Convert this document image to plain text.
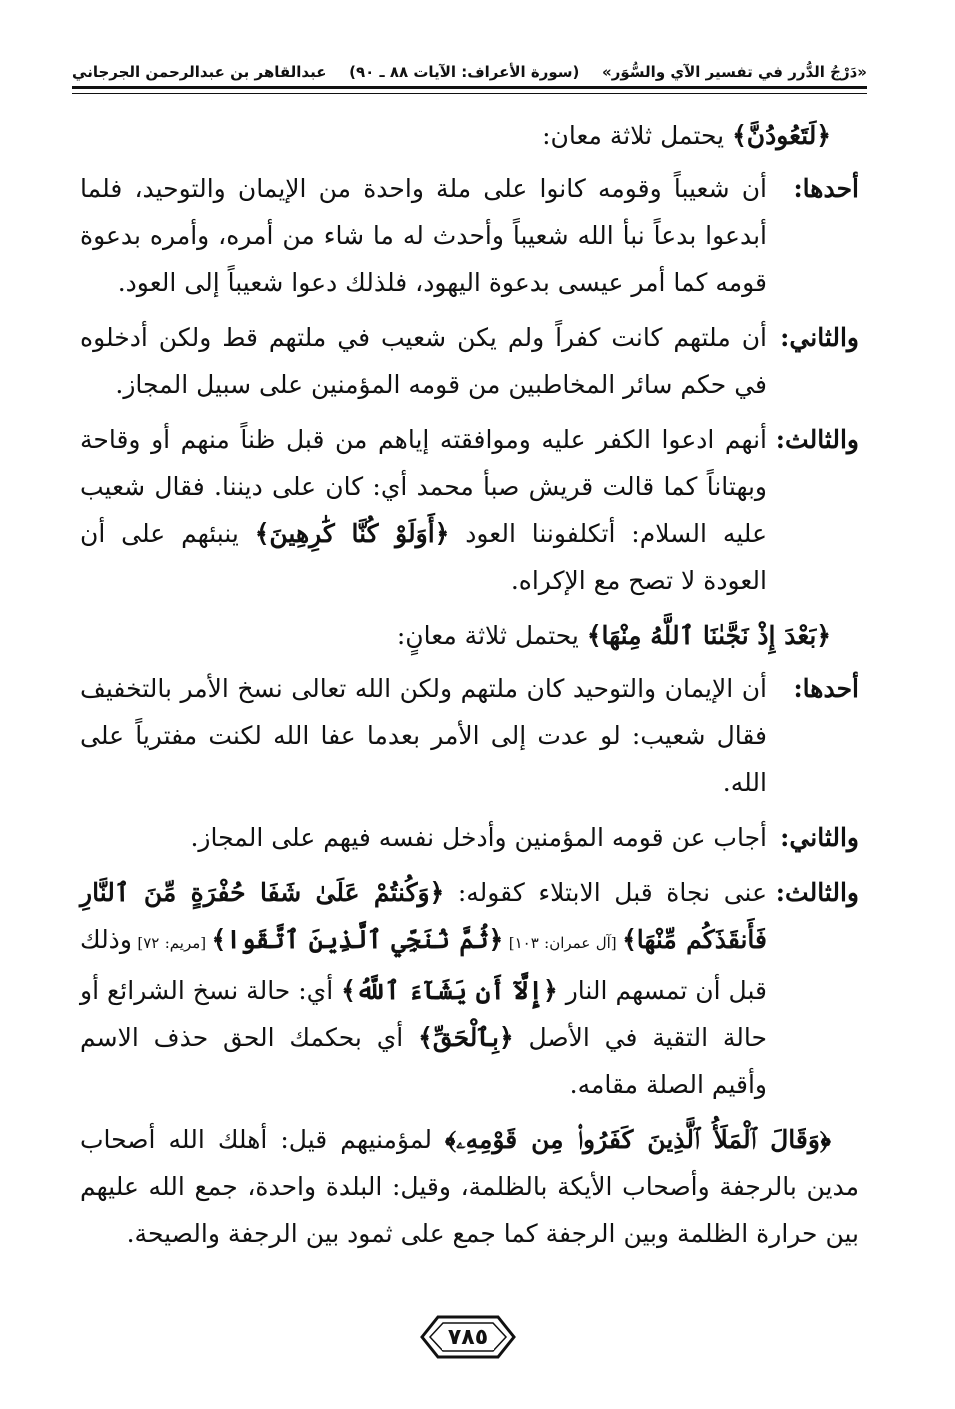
«دَرْجُ الدُّرر في تفسير الآي والسُّوَر»
(سورة الأعراف: الآيات ٨٨ ـ ٩٠)
عبدالقاهر بن عبدالرحمن الجرجاني

﴿لَتَعُودُنَّ﴾ يحتمل ثلاثة معان:

أحدها:
أن شعيباً وقومه كانوا على ملة واحدة من الإيمان والتوحيد، فلما أبدعوا بدعاً نبأ الله شعيباً وأحدث له ما شاء من أمره، وأمره بدعوة قومه كما أمر عيسى بدعوة اليهود، فلذلك دعوا شعيباً إلى العود.
والثاني:
أن ملتهم كانت كفراً ولم يكن شعيب في ملتهم قط ولكن أدخلوه في حكم سائر المخاطبين من قومه المؤمنين على سبيل المجاز.
والثالث:
أنهم ادعوا الكفر عليه وموافقته إياهم من قبل ظناً منهم أو وقاحة وبهتاناً كما قالت قريش صبأ محمد أي: كان على ديننا. فقال شعيب عليه السلام: أتكلفوننا العود ﴿أَوَلَوْ كُنَّا كَٰرِهِينَ﴾ ينبئهم على أن العودة لا تصح مع الإكراه.

﴿بَعْدَ إِذْ نَجَّىٰنَا ٱللَّهُ مِنْهَا﴾ يحتمل ثلاثة معانٍ:

أحدها:
أن الإيمان والتوحيد كان ملتهم ولكن الله تعالى نسخ الأمر بالتخفيف فقال شعيب: لو عدت إلى الأمر بعدما عفا الله لكنت مفترياً على الله.
والثاني:
أجاب عن قومه المؤمنين وأدخل نفسه فيهم على المجاز.
والثالث:
عنى نجاة قبل الابتلاء كقوله: ﴿وَكُنتُمْ عَلَىٰ شَفَا حُفْرَةٍ مِّنَ ٱلنَّارِ فَأَنقَذَكُم مِّنْهَا﴾ [آل عمران: ١٠٣] ﴿ثُمَّ نُنَجِّي ٱلَّذِينَ ٱتَّقَوا﴾ [مريم: ٧٢] وذلك قبل أن تمسهم النار ﴿إِلَّآ أَن يَشَآءَ ٱللَّهُ﴾ أي: حالة نسخ الشرائع أو حالة التقية في الأصل ﴿بِٱلْحَقِّ﴾ أي بحكمك الحق حذف الاسم وأقيم الصلة مقامه.

﴿وَقَالَ ٱلْمَلَأُ ٱلَّذِينَ كَفَرُوا۟ مِن قَوْمِهِۦ﴾ لمؤمنيهم قيل: أهلك الله أصحاب مدين بالرجفة وأصحاب الأيكة بالظلمة، وقيل: البلدة واحدة، جمع الله عليهم بين حرارة الظلمة وبين الرجفة كما جمع على ثمود بين الرجفة والصيحة.

٧٨٥
